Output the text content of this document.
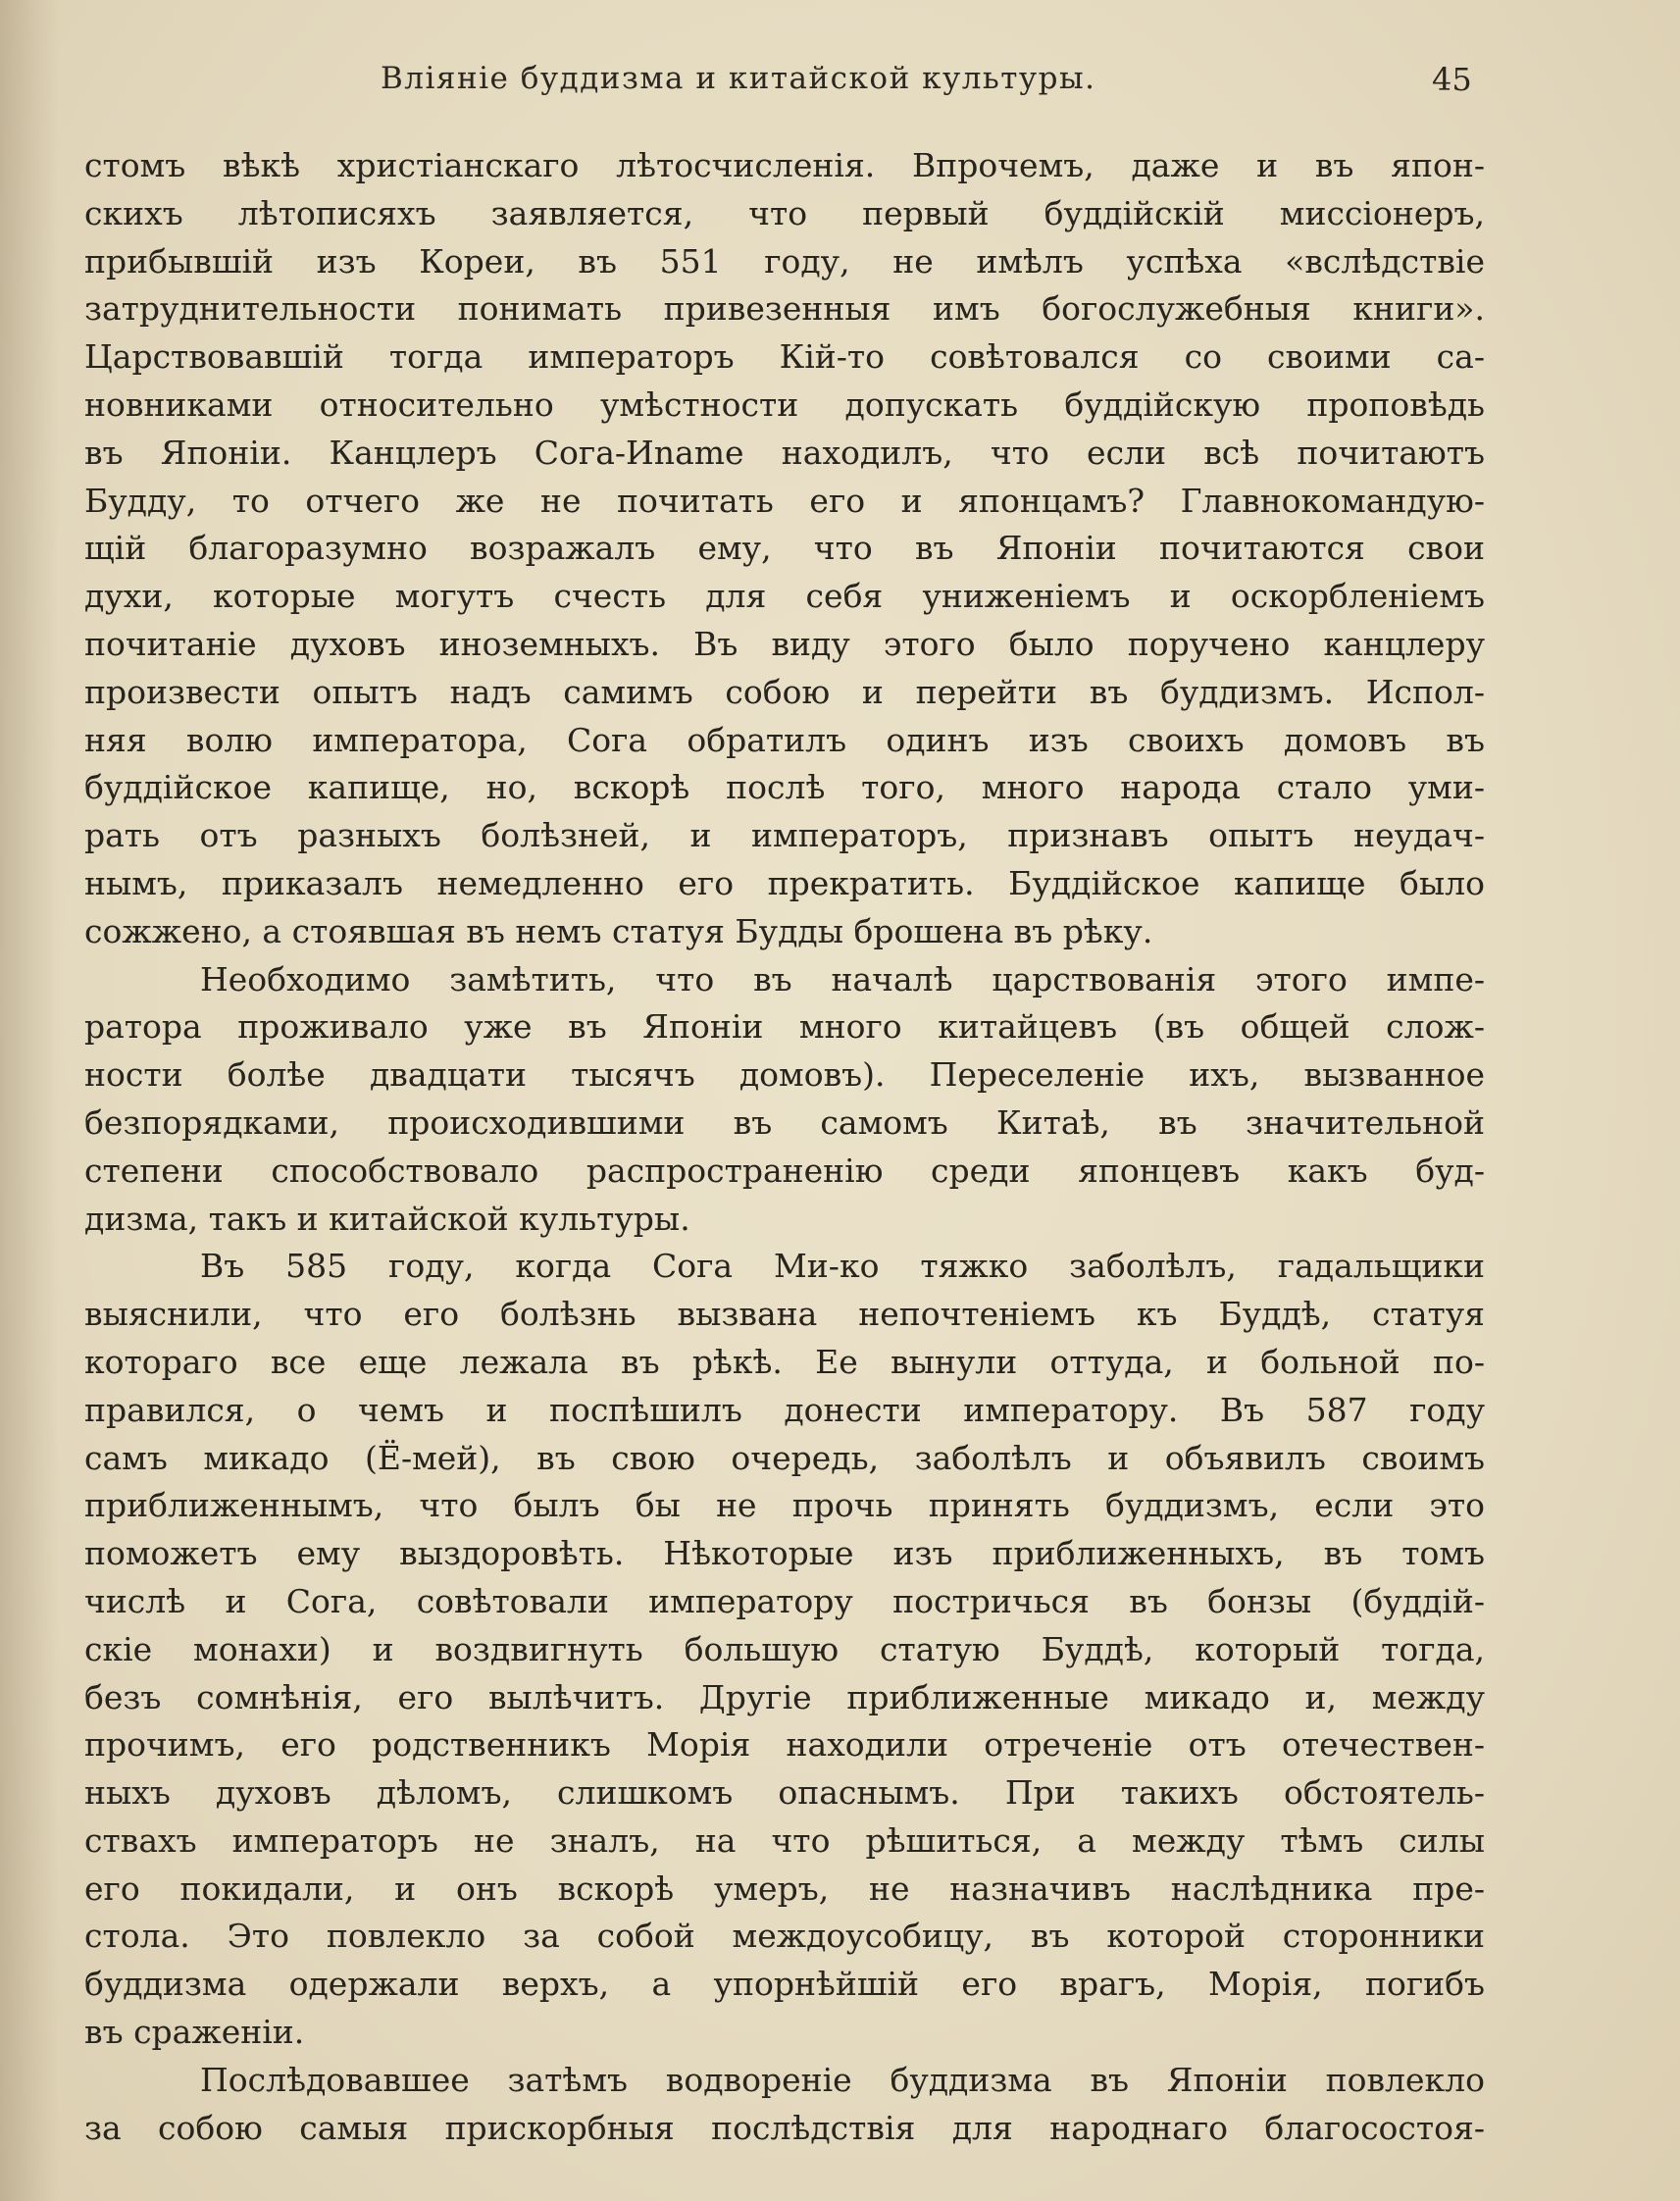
Влiянiе буддизма и китайской культуры.	45
стомъ вѣкѣ христiанскаго лѣтосчисленiя. Впрочемъ, даже и въ япон-
скихъ лѣтописяхъ заявляется, что первый буддiйскiй миссiонеръ,
прибывшiй изъ Кореи, въ 551 году, не имѣлъ успѣха «вслѣдствiе
затруднительности понимать привезенныя имъ богослужебныя книги».
Царствовавшiй тогда императоръ Кiй-то совѣтовался со своими са-
новниками относительно умѣстности допускать буддiйскую проповѣдь
въ Японiи. Канцлеръ Сога-Иname находилъ, что если всѣ почитаютъ
Будду, то отчего же не почитать его и японцамъ? Главнокомандую-
щiй благоразумно возражалъ ему, что въ Японiи почитаются свои
духи, которые могутъ счесть для себя униженiемъ и оскорбленiемъ
почитанiе духовъ иноземныхъ. Въ виду этого было поручено канцлеру
произвести опытъ надъ самимъ собою и перейти въ буддизмъ. Испол-
няя волю императора, Сога обратилъ одинъ изъ своихъ домовъ въ
буддiйское капище, но, вскорѣ послѣ того, много народа стало уми-
рать отъ разныхъ болѣзней, и императоръ, признавъ опытъ неудач-
нымъ, приказалъ немедленно его прекратить. Буддiйское капище было
сожжено, а стоявшая въ немъ статуя Будды брошена въ рѣку.
Необходимо замѣтить, что въ началѣ царствованiя этого импе-
ратора проживало уже въ Японiи много китайцевъ (въ общей слож-
ности болѣе двадцати тысячъ домовъ). Переселенiе ихъ, вызванное
безпорядками, происходившими въ самомъ Китаѣ, въ значительной
степени способствовало распространенiю среди японцевъ какъ буд-
дизма, такъ и китайской культуры.
Въ 585 году, когда Сога Ми-ко тяжко заболѣлъ, гадальщики
выяснили, что его болѣзнь вызвана непочтенiемъ къ Буддѣ, статуя
котораго все еще лежала въ рѣкѣ. Ее вынули оттуда, и больной по-
правился, о чемъ и поспѣшилъ донести императору. Въ 587 году
самъ микадо (Ё-мей), въ свою очередь, заболѣлъ и объявилъ своимъ
приближеннымъ, что былъ бы не прочь принять буддизмъ, если это
поможетъ ему выздоровѣть. Нѣкоторые изъ приближенныхъ, въ томъ
числѣ и Сога, совѣтовали императору постричься въ бонзы (буддiй-
скiе монахи) и воздвигнуть большую статую Буддѣ, который тогда,
безъ сомнѣнiя, его вылѣчитъ. Другiе приближенные микадо и, между
прочимъ, его родственникъ Морiя находили отреченiе отъ отечествен-
ныхъ духовъ дѣломъ, слишкомъ опаснымъ. При такихъ обстоятель-
ствахъ императоръ не зналъ, на что рѣшиться, а между тѣмъ силы
его покидали, и онъ вскорѣ умеръ, не назначивъ наслѣдника пре-
стола. Это повлекло за собой междоусобицу, въ которой сторонники
буддизма одержали верхъ, а упорнѣйшiй его врагъ, Морiя, погибъ
въ сраженiи.
Послѣдовавшее затѣмъ водворенiе буддизма въ Японiи повлекло
за собою самыя прискорбныя послѣдствiя для народнаго благосостоя-
